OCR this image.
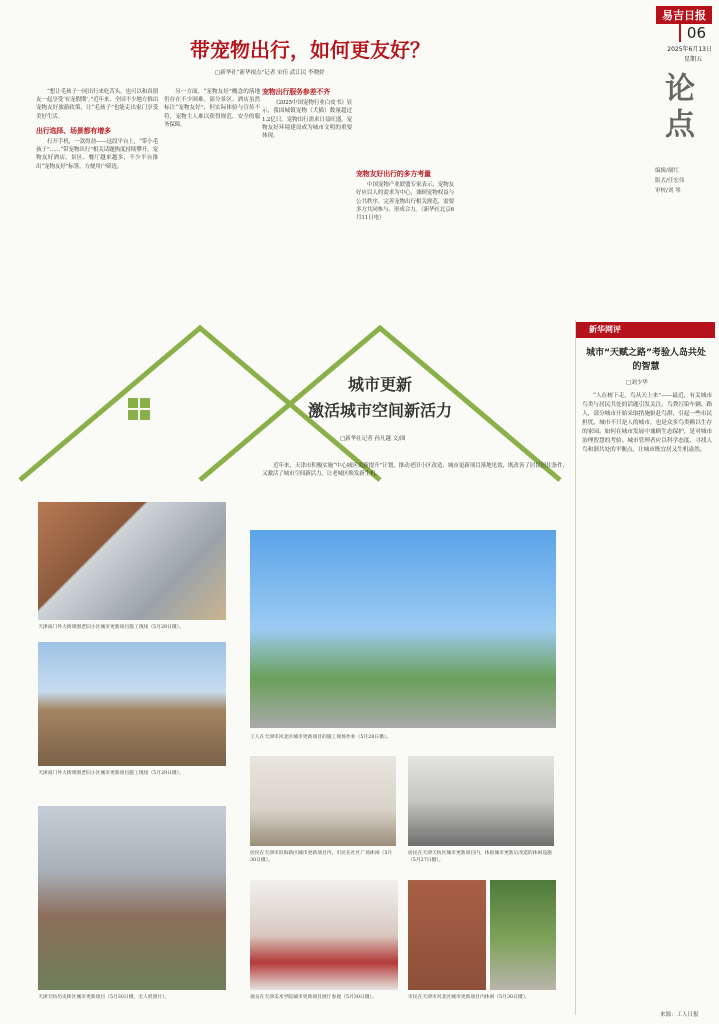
易吉日报
06
2025年6月13日
星期五
论点
编辑/谢红
版式/任宏伟
审校/刘 琴
带宠物出行，如何更友好？
□新华社“新华视点”记者 宋佳 武江民 李晓婷

“想让毛孩子一同出行来吃苦头，也可以和真朋友一起享受‘有宠假期’。”近年来，全国不少地方推出宠物友好旅游政策，让“毛孩子”也能走出家门享受美好生活。

出行选择、场景都有增多

打开手机，一款得劲——这段平台上，“带小毛孩子”……“带宠物出行”相关话题热度持续攀升。宠物友好酒店、景区、餐厅越来越多，不少平台推出“宠物友好”标签，方便用户筛选。

另一方面，“宠物友好”概念的落地仍存在不少困难。部分景区、酒店虽然标注“宠物友好”，但实际体验与宣传不符，宠物主人难以获得规范、安全的服务保障。

宠物出行服务参差不齐

《2025中国宠物行业白皮书》显示，我国城镇宠物（犬猫）数量超过1.2亿只。宠物出行需求日益旺盛，宠物友好环境建设成为城市文明的重要体现。

宠物友好出行的多方考量

中国宠物产业联盟专家表示，宠物友好应以人的需求为中心，兼顾宠物权益与公共秩序。完善宠物出行相关规范，需要多方共同参与、形成合力。（新华社北京6月11日电）

新华网评
城市“天赋之路”考验人岛共处的智慧
□刘少华

“人在树下走，鸟从天上来”——最近，有关城市鸟类与居民共处的话题引发关注。鸟粪污染车辆、路人，部分城市开始采取措施驱赶鸟群，引起一些市民担忧。城市不只是人的城市，也是众多鸟类赖以生存的家园。如何在城市发展中兼顾生态保护，是对城市治理智慧的考验。城市管理者应以科学态度，寻找人鸟和谐共处的平衡点，让城市既宜居又生机盎然。

来源：工人日报
城市更新
激活城市空间新活力
□新华社记者 孙凡越 文/图

近年来，天津市积极实施“中心城区更新提升”计划，推动老旧小区改造、城市更新项目落地见效，既改善了居民居住条件，又激活了城市空间新活力，让老城区焕发新生机。

天津南门外大街周围老旧小区城市更新项目施工现场（5月29日摄）。
天津南门外大街周围老旧小区城市更新项目施工现场（5月29日摄）。
天津天纺历史街区城市更新项目（5月30日摄，无人机照片）。
工人在天津市河北区城市更新项目的施工现场作业（5月28日摄）。
居民在天津市滨海新区城市更新项目内，市民在社区广场休闲（5月30日摄）。
居民在天津天纺区城市更新项目内，体验城市更新后改造的休闲设施（5月27日摄）。
观众在天津美术学院城市更新项目展厅参观（5月30日摄）。	市民在天津市河北区城市更新项目内休闲（5月30日摄）。
